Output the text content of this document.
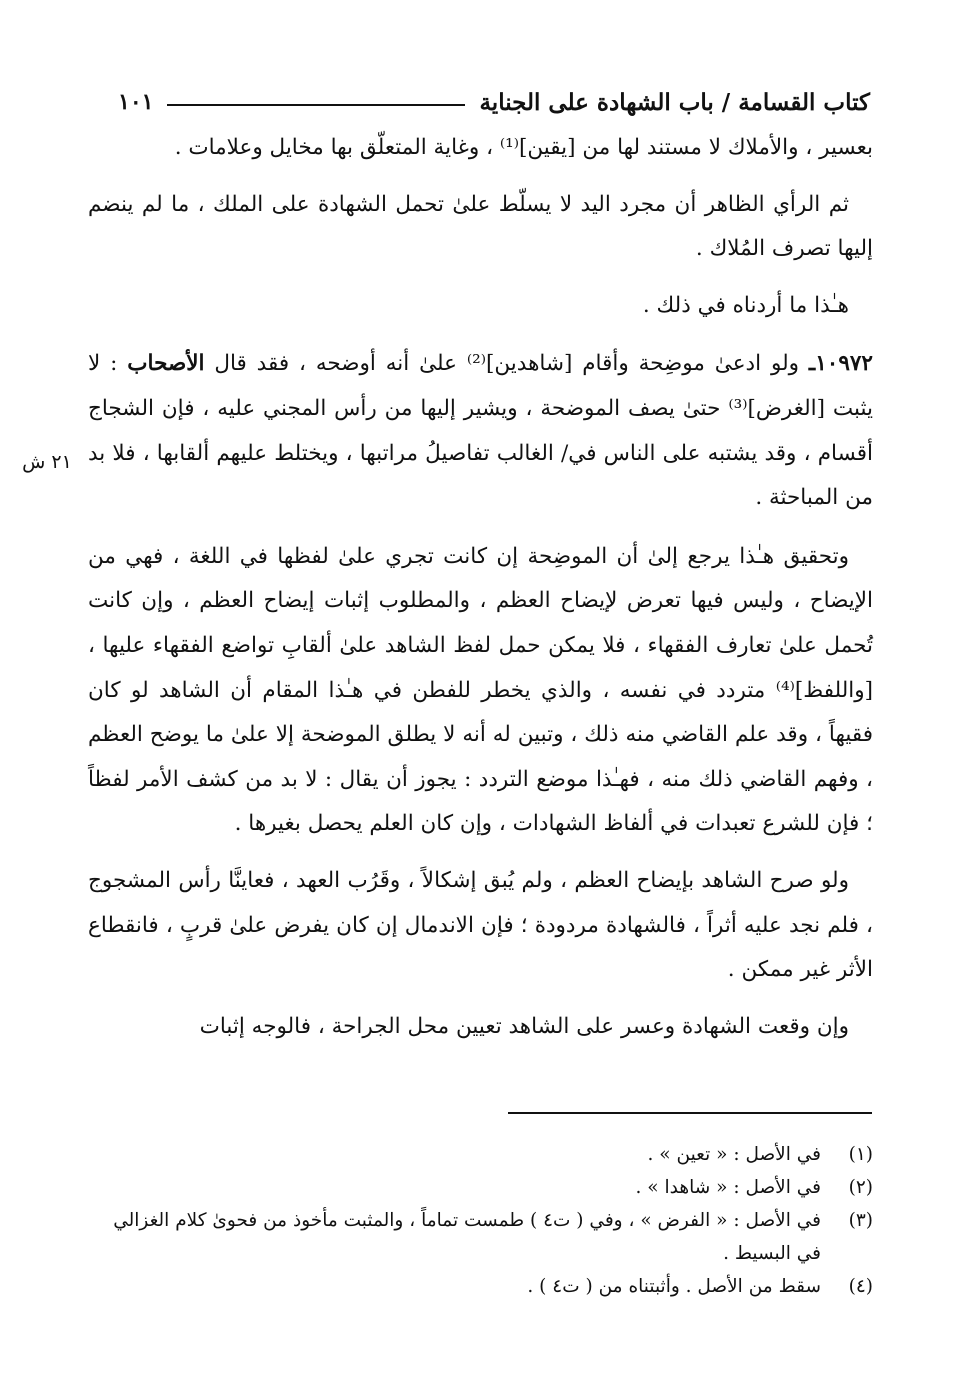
كتاب القسامة / باب الشهادة على الجناية
١٠١
٢١ ش

بعسير ، والأملاك لا مستند لها من [يقين]⁽¹⁾ ، وغاية المتعلّق بها مخايل وعلامات .

ثم الرأي الظاهر أن مجرد اليد لا يسلّط علىٰ تحمل الشهادة على الملك ، ما لم ينضم إليها تصرف المُلاك .

هـٰذا ما أردناه في ذلك .

١٠٩٧٢ـ ولو ادعىٰ موضِحة وأقام [شاهدين]⁽²⁾ علىٰ أنه أوضحه ، فقد قال الأصحاب : لا يثبت [الغرض]⁽³⁾ حتىٰ يصف الموضحة ، ويشير إليها من رأس المجني عليه ، فإن الشجاج أقسام ، وقد يشتبه على الناس في/ الغالب تفاصيلُ مراتبها ، ويختلط عليهم ألقابها ، فلا بد من المباحثة .

وتحقيق هـٰذا يرجع إلىٰ أن الموضِحة إن كانت تجري علىٰ لفظها في اللغة ، فهي من الإيضاح ، وليس فيها تعرض لإيضاح العظم ، والمطلوب إثبات إيضاح العظم ، وإن كانت تُحمل علىٰ تعارف الفقهاء ، فلا يمكن حمل لفظ الشاهد علىٰ ألقابِ تواضع الفقهاء عليها ، [واللفظ]⁽⁴⁾ متردد في نفسه ، والذي يخطر للفطن في هـٰذا المقام أن الشاهد لو كان فقيهاً ، وقد علم القاضي منه ذلك ، وتبين له أنه لا يطلق الموضحة إلا علىٰ ما يوضح العظم ، وفهم القاضي ذلك منه ، فهـٰذا موضع التردد : يجوز أن يقال : لا بد من كشف الأمر لفظاً ؛ فإن للشرع تعبدات في ألفاظ الشهادات ، وإن كان العلم يحصل بغيرها .

ولو صرح الشاهد بإيضاح العظم ، ولم يُبق إشكالاً ، وقَرُب العهد ، فعاينَّا رأس المشجوج ، فلم نجد عليه أثراً ، فالشهادة مردودة ؛ فإن الاندمال إن كان يفرض علىٰ قربٍ ، فانقطاع الأثر غير ممكن .

وإن وقعت الشهادة وعسر على الشاهد تعيين محل الجراحة ، فالوجه إثبات

(١)
في الأصل : « تعين » .
(٢)
في الأصل : « شاهدا » .
(٣)
في الأصل : « الفرض » ، وفي ( ت٤ ) طمست تماماً ، والمثبت مأخوذ من فحوىٰ كلام الغزالي في البسيط .
(٤)
سقط من الأصل . وأثبتناه من ( ت٤ ) .
